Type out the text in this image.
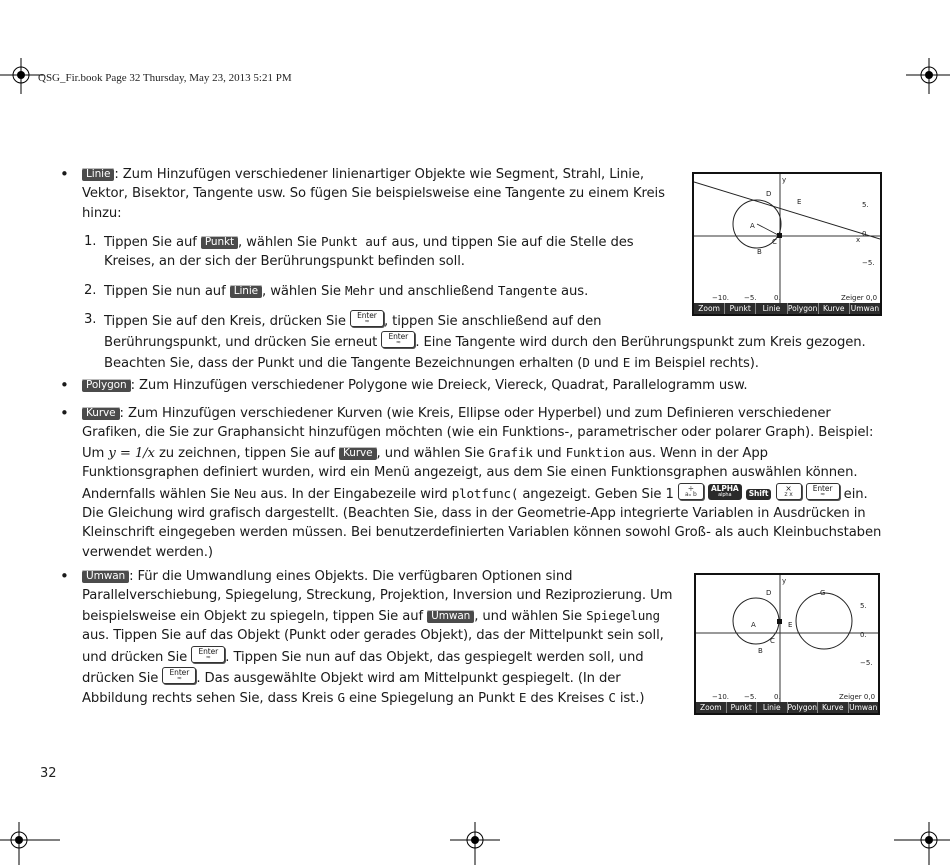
QSG_Fir.book Page 32 Thursday, May 23, 2013 5:21 PM
•	Linie : Zum Hinzufügen verschiedener linienartiger Objekte wie Segment, Strahl, Linie, Vektor, Bisektor, Tangente usw. So fügen Sie beispielsweise eine Tangente zu einem Kreis hinzu:

1. Tippen Sie auf Punkt , wählen Sie Punkt auf aus, und tippen Sie auf die Stelle des Kreises, an der sich der Berührungspunkt befinden soll.

2. Tippen Sie nun auf Linie , wählen Sie Mehr und anschließend Tangente aus.

3. Tippen Sie auf den Kreis, drücken Sie Enter
≈	, tippen Sie anschließend auf den

Berührungspunkt, und drücken Sie erneut Enter
≈	. Eine Tangente wird durch den Berührungspunkt zum Kreis gezogen.

Beachten Sie, dass der Punkt und die Tangente Bezeichnungen erhalten (D und E im Beispiel rechts).

•	Polygon : Zum Hinzufügen verschiedener Polygone wie Dreieck, Viereck, Quadrat, Parallelogramm usw.

•	Kurve : Zum Hinzufügen verschiedener Kurven (wie Kreis, Ellipse oder Hyperbel) und zum Definieren verschiedener Grafiken, die Sie zur Graphansicht hinzufügen möchten (wie ein Funktions-, parametrischer oder polarer Graph). Beispiel: Um y = 1/x zu zeichnen, tippen Sie auf Kurve , und wählen Sie Grafik und Funktion aus. Wenn in der App Funktionsgraphen definiert wurden, wird ein Menü angezeigt, aus dem Sie einen Funktionsgraphen auswählen können. Andernfalls wählen Sie Neu aus. In der Eingabezeile wird plotfunc( angezeigt. Geben Sie 1 ÷
aₓ b
ALPHA
alpha	Shift ×
z x
Enter
≈	ein. Die Gleichung wird grafisch dargestellt. (Beachten Sie, dass in der Geometrie-App integrierte Variablen in Ausdrücken in Kleinschrift eingegeben werden müssen. Bei benutzerdefinierten Variablen können sowohl Groß- als auch Kleinbuchstaben verwendet werden.)

•	Umwan : Für die Umwandlung eines Objekts. Die verfügbaren Optionen sind Parallelverschiebung, Spiegelung, Streckung, Projektion, Inversion und Reziprozierung. Um beispielsweise ein Objekt zu spiegeln, tippen Sie auf Umwan , und wählen Sie Spiegelung aus. Tippen Sie auf das Objekt (Punkt oder gerades Objekt), das der Mittelpunkt sein soll, und drücken Sie Enter
≈	. Tippen Sie nun auf das Objekt, das gespiegelt werden soll, und drücken Sie Enter
≈	. Das ausgewählte Objekt wird am Mittelpunkt gespiegelt. (In der Abbildung rechts sehen Sie, dass Kreis G eine Spiegelung an Punkt E des Kreises C ist.)

y
x
D
E
A
B
C
5.
0.
−5.
−10. −5. 0.	Zeiger 0,0
Zoom	Punkt	Linie	Polygon Kurve Umwan
y
D	G
E
A
B
C
5.
0.
−5.
−10. −5. 0.	Zeiger 0,0
Zoom	Punkt	Linie Polygon Kurve Umwan
32
